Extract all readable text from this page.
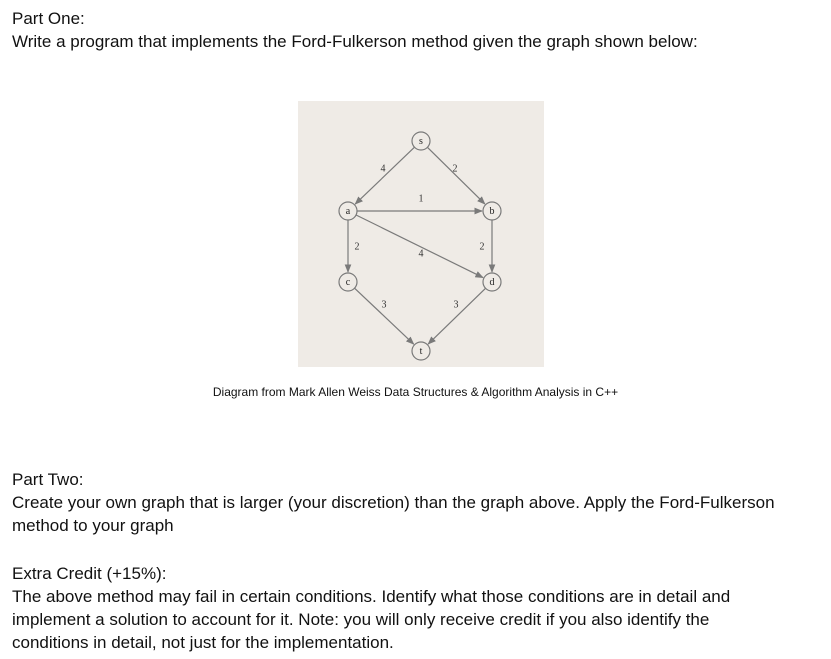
Part One:

Write a program that implements the Ford-Fulkerson method given the graph shown below:

4	2
1
2
4
2
3	3
s
a	b
c	d
t
Diagram from Mark Allen Weiss Data Structures & Algorithm Analysis in C++

Part Two:

Create your own graph that is larger (your discretion) than the graph above. Apply the Ford-Fulkerson

method to your graph

Extra Credit (+15%):

The above method may fail in certain conditions. Identify what those conditions are in detail and

implement a solution to account for it. Note: you will only receive credit if you also identify the

conditions in detail, not just for the implementation.
